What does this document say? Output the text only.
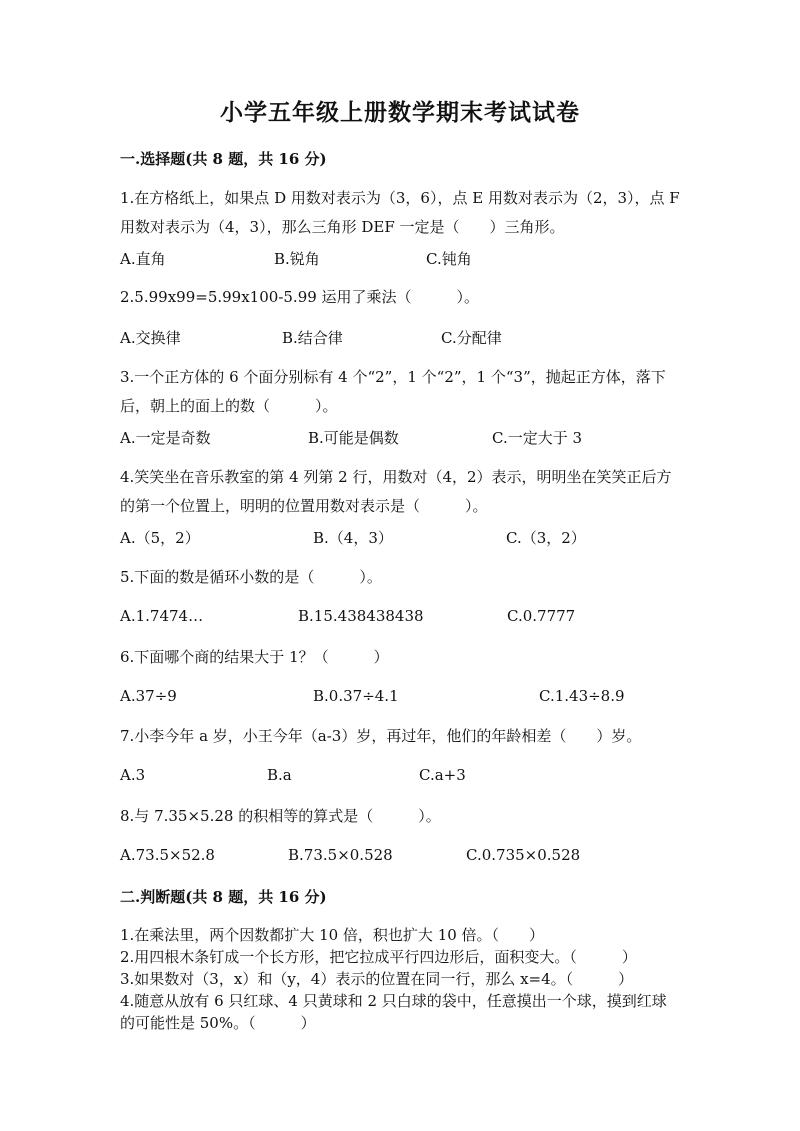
小学五年级上册数学期末考试试卷
一.选择题(共 8 题，共 16 分)
1.在方格纸上，如果点 D 用数对表示为（3，6），点 E 用数对表示为（2，3），点 F 用数对表示为（4，3），那么三角形 DEF 一定是（　　）三角形。
A.直角	B.锐角	C.钝角
2.5.99x99=5.99x100-5.99 运用了乘法（　　　）。
A.交换律	B.结合律	C.分配律
3.一个正方体的 6 个面分别标有 4 个“2”，1 个“2”，1 个“3”，抛起正方体，落下后，朝上的面上的数（　　　）。
A.一定是奇数	B.可能是偶数	C.一定大于 3
4.笑笑坐在音乐教室的第 4 列第 2 行，用数对（4，2）表示，明明坐在笑笑正后方的第一个位置上，明明的位置用数对表示是（　　　）。
A.（5，2）	B.（4，3）	C.（3，2）
5.下面的数是循环小数的是（　　　）。
A.1.7474…	B.15.438438438	C.0.7777
6.下面哪个商的结果大于 1？（　　　）
A.37÷9	B.0.37÷4.1	C.1.43÷8.9
7.小李今年 a 岁，小王今年（a-3）岁，再过年，他们的年龄相差（　　）岁。
A.3	B.a	C.a+3
8.与 7.35×5.28 的积相等的算式是（　　　）。
A.73.5×52.8	B.73.5×0.528	C.0.735×0.528
二.判断题(共 8 题，共 16 分)
1.在乘法里，两个因数都扩大 10 倍，积也扩大 10 倍。（　　）
2.用四根木条钉成一个长方形，把它拉成平行四边形后，面积变大。（　　　）
3.如果数对（3，x）和（y，4）表示的位置在同一行，那么 x=4。（　　　）
4.随意从放有 6 只红球、4 只黄球和 2 只白球的袋中，任意摸出一个球，摸到红球的可能性是 50%。（　　　）
